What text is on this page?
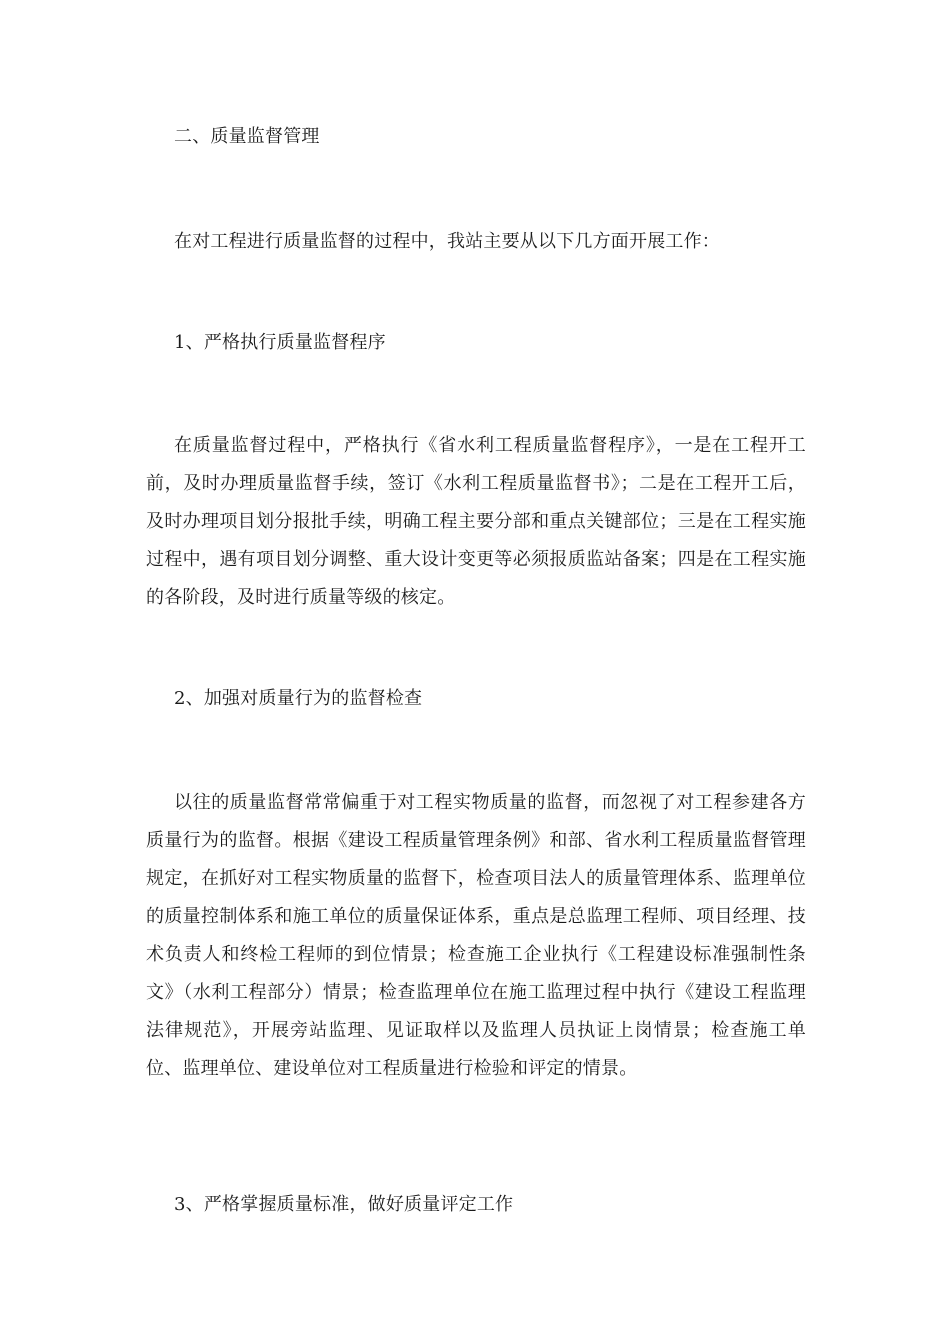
二、质量监督管理

在对工程进行质量监督的过程中，我站主要从以下几方面开展工作：

1、严格执行质量监督程序

在质量监督过程中，严格执行《省水利工程质量监督程序》，一是在工程开工前，及时办理质量监督手续，签订《水利工程质量监督书》；二是在工程开工后，及时办理项目划分报批手续，明确工程主要分部和重点关键部位；三是在工程实施过程中，遇有项目划分调整、重大设计变更等必须报质监站备案；四是在工程实施的各阶段，及时进行质量等级的核定。

2、加强对质量行为的监督检查

以往的质量监督常常偏重于对工程实物质量的监督，而忽视了对工程参建各方质量行为的监督。根据《建设工程质量管理条例》和部、省水利工程质量监督管理规定，在抓好对工程实物质量的监督下，检查项目法人的质量管理体系、监理单位的质量控制体系和施工单位的质量保证体系，重点是总监理工程师、项目经理、技术负责人和终检工程师的到位情景；检查施工企业执行《工程建设标准强制性条文》（水利工程部分）情景；检查监理单位在施工监理过程中执行《建设工程监理法律规范》，开展旁站监理、见证取样以及监理人员执证上岗情景；检查施工单位、监理单位、建设单位对工程质量进行检验和评定的情景。

3、严格掌握质量标准，做好质量评定工作
